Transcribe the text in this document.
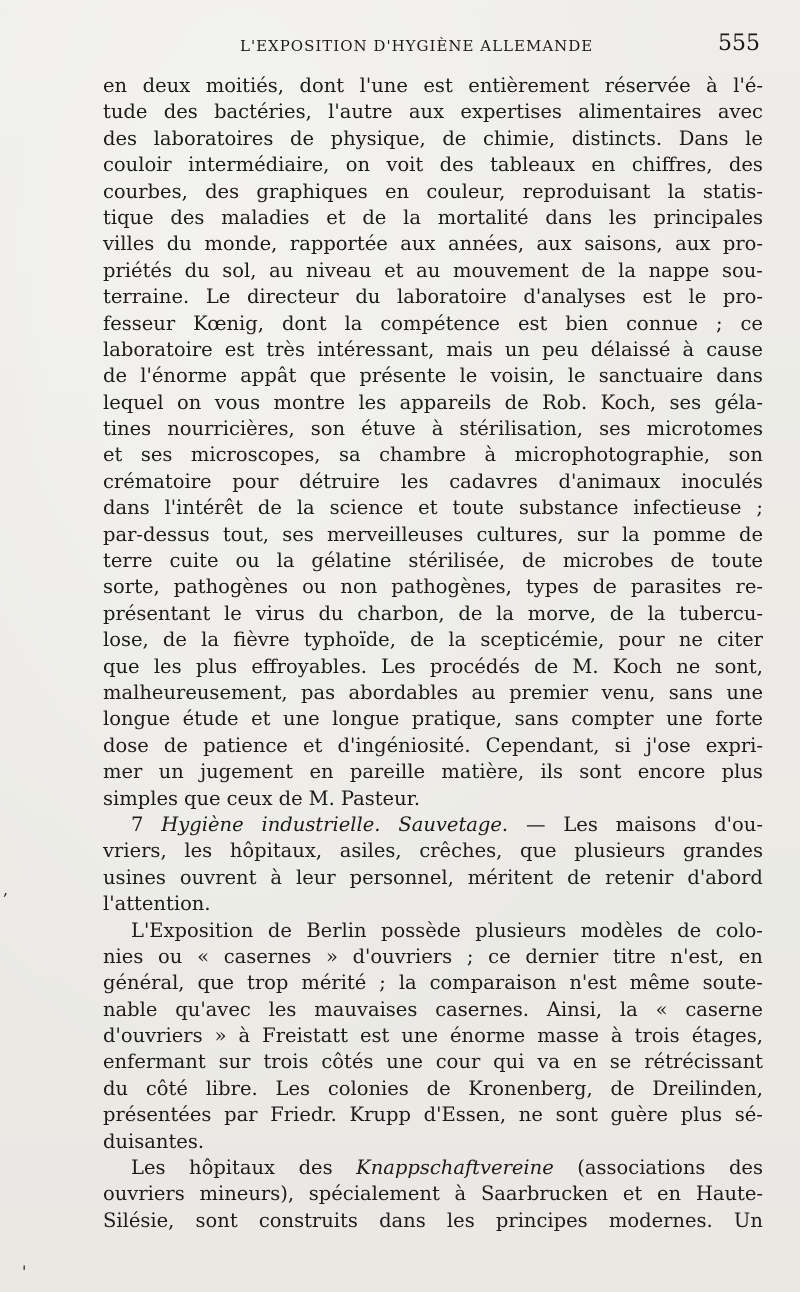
L'EXPOSITION D'HYGIÈNE ALLEMANDE	555
en deux moitiés, dont l'une est entièrement réservée à l'é-
tude des bactéries, l'autre aux expertises alimentaires avec
des laboratoires de physique, de chimie, distincts. Dans le
couloir intermédiaire, on voit des tableaux en chiffres, des
courbes, des graphiques en couleur, reproduisant la statis-
tique des maladies et de la mortalité dans les principales
villes du monde, rapportée aux années, aux saisons, aux pro-
priétés du sol, au niveau et au mouvement de la nappe sou-
terraine. Le directeur du laboratoire d'analyses est le pro-
fesseur Kœnig, dont la compétence est bien connue ; ce
laboratoire est très intéressant, mais un peu délaissé à cause
de l'énorme appât que présente le voisin, le sanctuaire dans
lequel on vous montre les appareils de Rob. Koch, ses géla-
tines nourricières, son étuve à stérilisation, ses microtomes
et ses microscopes, sa chambre à microphotographie, son
crématoire pour détruire les cadavres d'animaux inoculés
dans l'intérêt de la science et toute substance infectieuse ;
par-dessus tout, ses merveilleuses cultures, sur la pomme de
terre cuite ou la gélatine stérilisée, de microbes de toute
sorte, pathogènes ou non pathogènes, types de parasites re-
présentant le virus du charbon, de la morve, de la tubercu-
lose, de la fièvre typhoïde, de la scepticémie, pour ne citer
que les plus effroyables. Les procédés de M. Koch ne sont,
malheureusement, pas abordables au premier venu, sans une
longue étude et une longue pratique, sans compter une forte
dose de patience et d'ingéniosité. Cependant, si j'ose expri-
mer un jugement en pareille matière, ils sont encore plus
simples que ceux de M. Pasteur.
7 Hygiène industrielle. Sauvetage. — Les maisons d'ou-
vriers, les hôpitaux, asiles, crêches, que plusieurs grandes
usines ouvrent à leur personnel, méritent de retenir d'abord
l'attention.
L'Exposition de Berlin possède plusieurs modèles de colo-
nies ou « casernes » d'ouvriers ; ce dernier titre n'est, en
général, que trop mérité ; la comparaison n'est même soute-
nable qu'avec les mauvaises casernes. Ainsi, la « caserne
d'ouvriers » à Freistatt est une énorme masse à trois étages,
enfermant sur trois côtés une cour qui va en se rétrécissant
du côté libre. Les colonies de Kronenberg, de Dreilinden,
présentées par Friedr. Krupp d'Essen, ne sont guère plus sé-
duisantes.
Les hôpitaux des Knappschaftvereine (associations des
ouvriers mineurs), spécialement à Saarbrucken et en Haute-
Silésie, sont construits dans les principes modernes. Un
,
'
